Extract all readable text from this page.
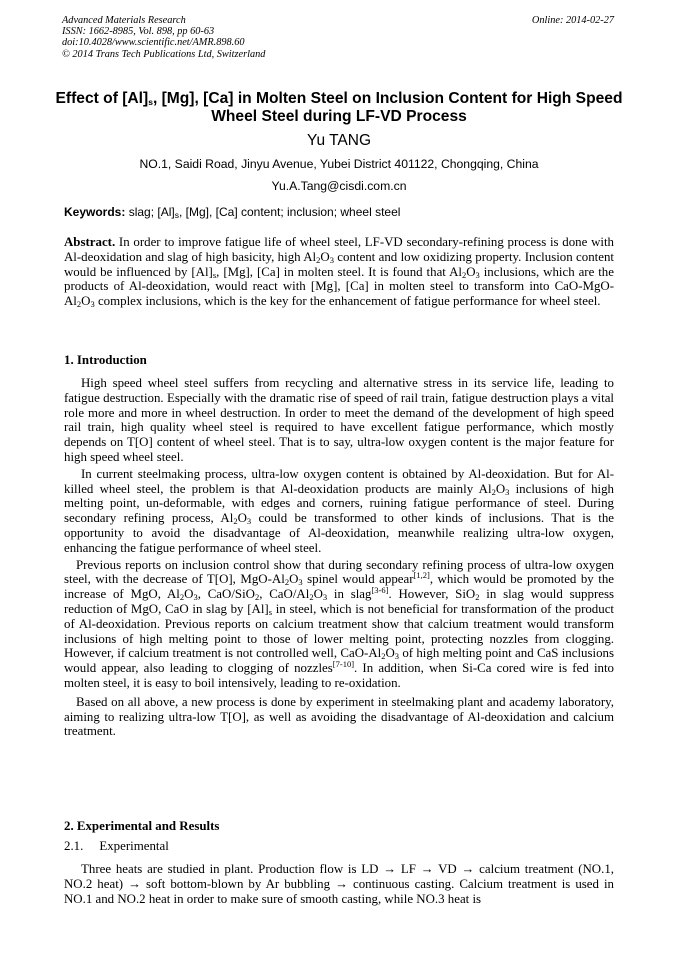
Advanced Materials Research
ISSN: 1662-8985, Vol. 898, pp 60-63
doi:10.4028/www.scientific.net/AMR.898.60
© 2014 Trans Tech Publications Ltd, Switzerland
Online: 2014-02-27
Effect of $[Al]_s$, [Mg], [Ca] in Molten Steel on Inclusion Content for High Speed Wheel Steel during LF-VD Process
Yu TANG
NO.1, Saidi Road, Jinyu Avenue, Yubei District 401122, Chongqing, China
Yu.A.Tang@cisdi.com.cn
Keywords: slag; $[Al]_s$, [Mg], [Ca] content; inclusion; wheel steel

Abstract. In order to improve fatigue life of wheel steel, LF-VD secondary-refining process is done with Al-deoxidation and slag of high basicity, high $Al_2O_3$ content and low oxidizing property. Inclusion content would be influenced by $[Al]_s$, [Mg], [Ca] in molten steel. It is found that $Al_2O_3$ inclusions, which are the products of Al-deoxidation, would react with [Mg], [Ca] in molten steel to transform into CaO-$MgO-Al_2O_3$ complex inclusions, which is the key for the enhancement of fatigue performance for wheel steel.

1. Introduction

High speed wheel steel suffers from recycling and alternative stress in its service life, leading to fatigue destruction. Especially with the dramatic rise of speed of rail train, fatigue destruction plays a vital role more and more in wheel destruction. In order to meet the demand of the development of high speed rail train, high quality wheel steel is required to have excellent fatigue performance, which mostly depends on T[O] content of wheel steel. That is to say, ultra-low oxygen content is the major feature for high speed wheel steel.

In current steelmaking process, ultra-low oxygen content is obtained by Al-deoxidation. But for Al-killed wheel steel, the problem is that Al-deoxidation products are mainly $Al_2O_3$ inclusions of high melting point, un-deformable, with edges and corners, ruining fatigue performance of steel. During secondary refining process, $Al_2O_3$ could be transformed to other kinds of inclusions. That is the opportunity to avoid the disadvantage of Al-deoxidation, meanwhile realizing ultra-low oxygen, enhancing the fatigue performance of wheel steel.

Previous reports on inclusion control show that during secondary refining process of ultra-low oxygen steel, with the decrease of T[O], MgO-$Al_2O_3$ spinel would appear[1,2], which would be promoted by the increase of MgO, $Al_2O_3$, CaO/SiO$_2$, CaO/$Al_2O_3$ in slag[3-6]. However, SiO$_2$ in slag would suppress reduction of MgO, CaO in slag by $[Al]_s$ in steel, which is not beneficial for transformation of the product of Al-deoxidation. Previous reports on calcium treatment show that calcium treatment would transform inclusions of high melting point to those of lower melting point, protecting nozzles from clogging. However, if calcium treatment is not controlled well, CaO-$Al_2O_3$ of high melting point and CaS inclusions would appear, also leading to clogging of nozzles[7-10]. In addition, when Si-Ca cored wire is fed into molten steel, it is easy to boil intensively, leading to re-oxidation.

Based on all above, a new process is done by experiment in steelmaking plant and academy laboratory, aiming to realizing ultra-low T[O], as well as avoiding the disadvantage of Al-deoxidation and calcium treatment.

2. Experimental and Results
2.1. Experimental

Three heats are studied in plant. Production flow is LD → LF → VD → calcium treatment (NO.1, NO.2 heat) → soft bottom-blown by Ar bubbling → continuous casting. Calcium treatment is used in NO.1 and NO.2 heat in order to make sure of smooth casting, while NO.3 heat is
